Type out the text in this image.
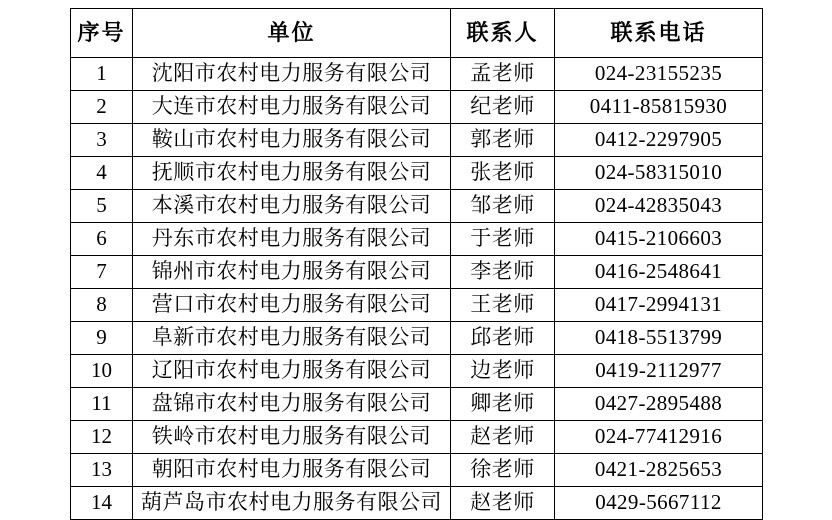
序号	单位	联系人	联系电话
1	沈阳市农村电力服务有限公司	孟老师	024-23155235
2	大连市农村电力服务有限公司	纪老师	0411-85815930
3	鞍山市农村电力服务有限公司	郭老师	0412-2297905
4	抚顺市农村电力服务有限公司	张老师	024-58315010
5	本溪市农村电力服务有限公司	邹老师	024-42835043
6	丹东市农村电力服务有限公司	于老师	0415-2106603
7	锦州市农村电力服务有限公司	李老师	0416-2548641
8	营口市农村电力服务有限公司	王老师	0417-2994131
9	阜新市农村电力服务有限公司	邱老师	0418-5513799
10	辽阳市农村电力服务有限公司	边老师	0419-2112977
11	盘锦市农村电力服务有限公司	卿老师	0427-2895488
12	铁岭市农村电力服务有限公司	赵老师	024-77412916
13	朝阳市农村电力服务有限公司	徐老师	0421-2825653
14	葫芦岛市农村电力服务有限公司	赵老师	0429-5667112
